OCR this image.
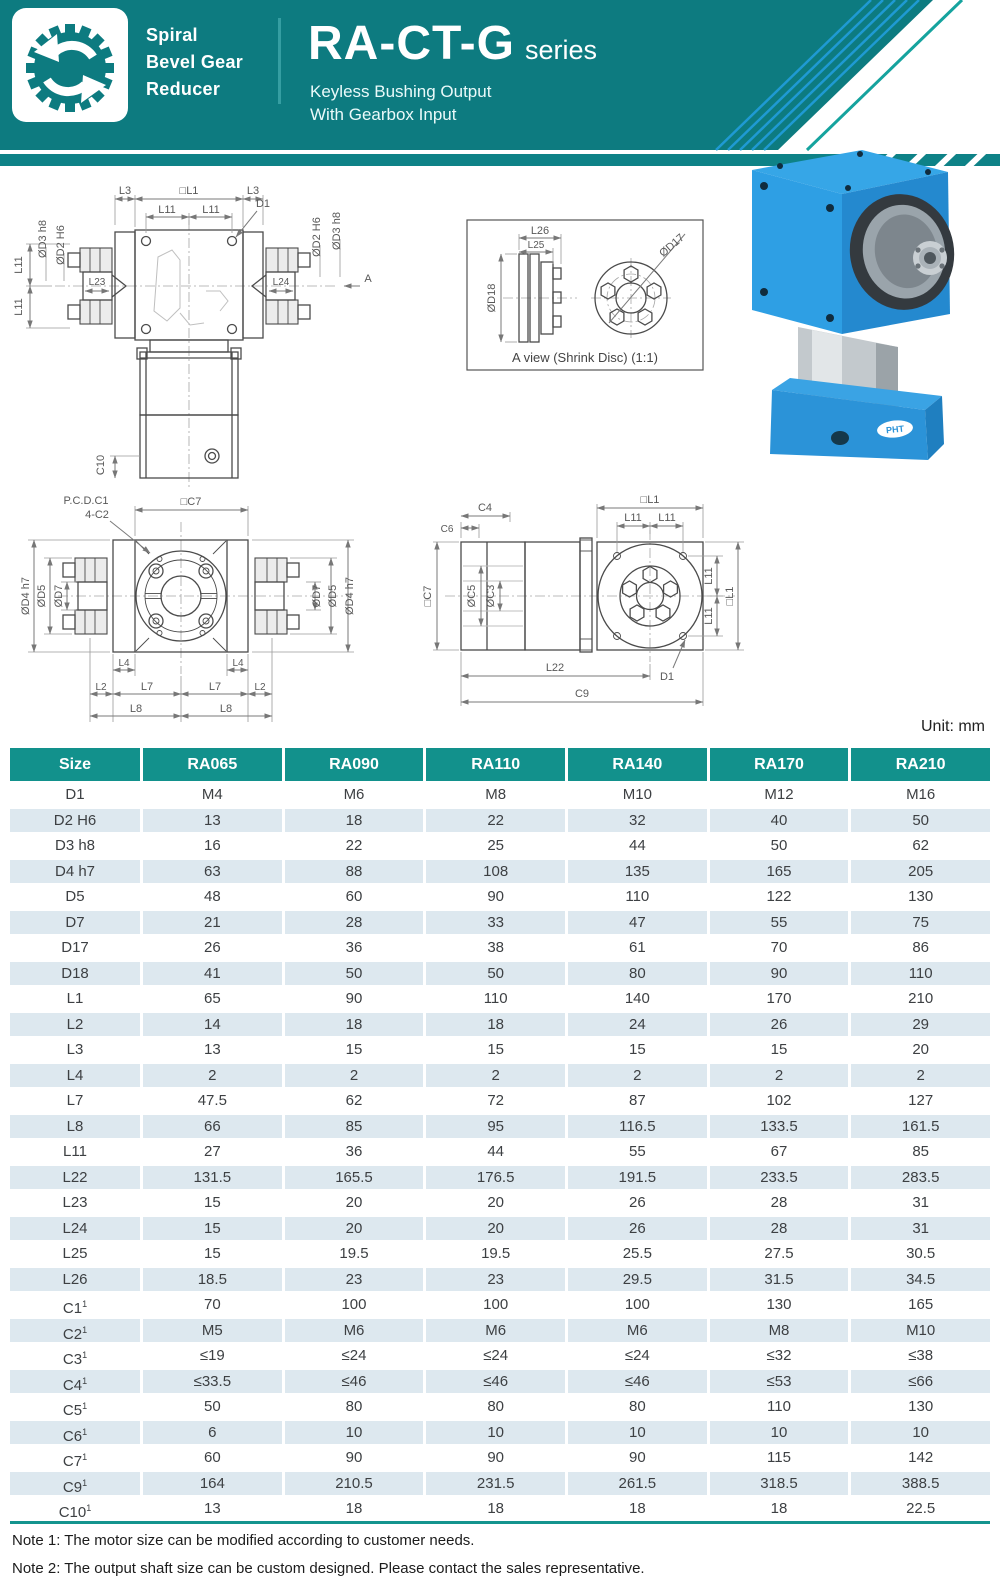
Spiral
Bevel Gear
Reducer
RA-CT-G series
Keyless Bushing Output
With Gearbox Input
PHT
L3	□L1	L3
L11 L11	D1
ØD3 h8 ØD2 H6	ØD2 H6 ØD3 h8
L11
L11
L23	L24	A
C10
L26
L25
ØD18
ØD17
A view (Shrink Disc) (1:1)
P.C.D.C1
4-C2
□C7
ØD4 h7 ØD5 ØD7	ØD7 ØD5 ØD4 h7
L4	L4
L2	L7	L7	L2
L8	L8
C6
C4
□L1
L11 L11
□C7	ØC5 ØC3
L11
L11
□L1
L22
C9
D1
Unit: mm
Size	RA065	RA090	RA110	RA140	RA170	RA210
D1	M4	M6	M8	M10	M12	M16
D2 H6	13	18	22	32	40	50
D3 h8	16	22	25	44	50	62
D4 h7	63	88	108	135	165	205
D5	48	60	90	110	122	130
D7	21	28	33	47	55	75
D17	26	36	38	61	70	86
D18	41	50	50	80	90	110
L1	65	90	110	140	170	210
L2	14	18	18	24	26	29
L3	13	15	15	15	15	20
L4	2	2	2	2	2	2
L7	47.5	62	72	87	102	127
L8	66	85	95	116.5	133.5	161.5
L11	27	36	44	55	67	85
L22	131.5	165.5	176.5	191.5	233.5	283.5
L23	15	20	20	26	28	31
L24	15	20	20	26	28	31
L25	15	19.5	19.5	25.5	27.5	30.5
L26	18.5	23	23	29.5	31.5	34.5
$C1^1$	70	100	100	100	130	165
$C2^1$	M5	M6	M6	M6	M8	M10
$C3^1$	≤19	≤24	≤24	≤24	≤32	≤38
$C4^1$	≤33.5	≤46	≤46	≤46	≤53	≤66
$C5^1$	50	80	80	80	110	130
$C6^1$	6	10	10	10	10	10
$C7^1$	60	90	90	90	115	142
$C9^1$	164	210.5	231.5	261.5	318.5	388.5
$C10^1$	13	18	18	18	18	22.5
Note 1: The motor size can be modified according to customer needs.
Note 2: The output shaft size can be custom designed. Please contact the sales representative.
